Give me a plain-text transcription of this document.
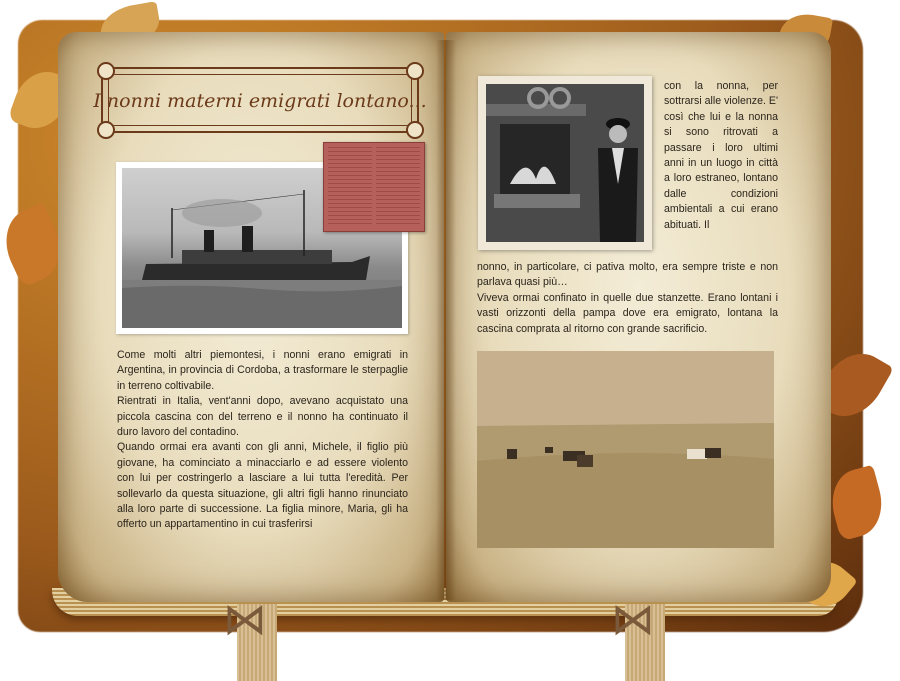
I nonni materni emigrati lontano...

Come molti altri piemontesi, i nonni erano emigrati in Argentina, in provincia di Cordoba, a trasformare le sterpaglie in terreno coltivabile.

Rientrati in Italia, vent'anni dopo, avevano acquistato una piccola cascina con del terreno e il nonno ha continuato il duro lavoro del contadino.

Quando ormai era avanti con gli anni, Michele, il figlio più giovane, ha cominciato a minacciarlo e ad essere violento con lui per costringerlo a lasciare a lui tutta l'eredità. Per sollevarlo da questa situazione, gli altri figli hanno rinunciato alla loro parte di successione. La figlia minore, Maria, gli ha offerto un appartamentino in cui trasferirsi

con la nonna, per sottrarsi alle violenze. E' così che lui e la nonna si sono ritrovati a passare i loro ultimi anni in un luogo in città a loro estraneo, lontano dalle condizioni ambientali a cui erano abituati. Il

nonno, in particolare, ci pativa molto, era sempre triste e non parlava quasi più…

Viveva ormai confinato in quelle due stanzette. Erano lontani i vasti orizzonti della pampa dove era emigrato, lontana la cascina comprata al ritorno con grande sacrificio.

⋈	⋈
